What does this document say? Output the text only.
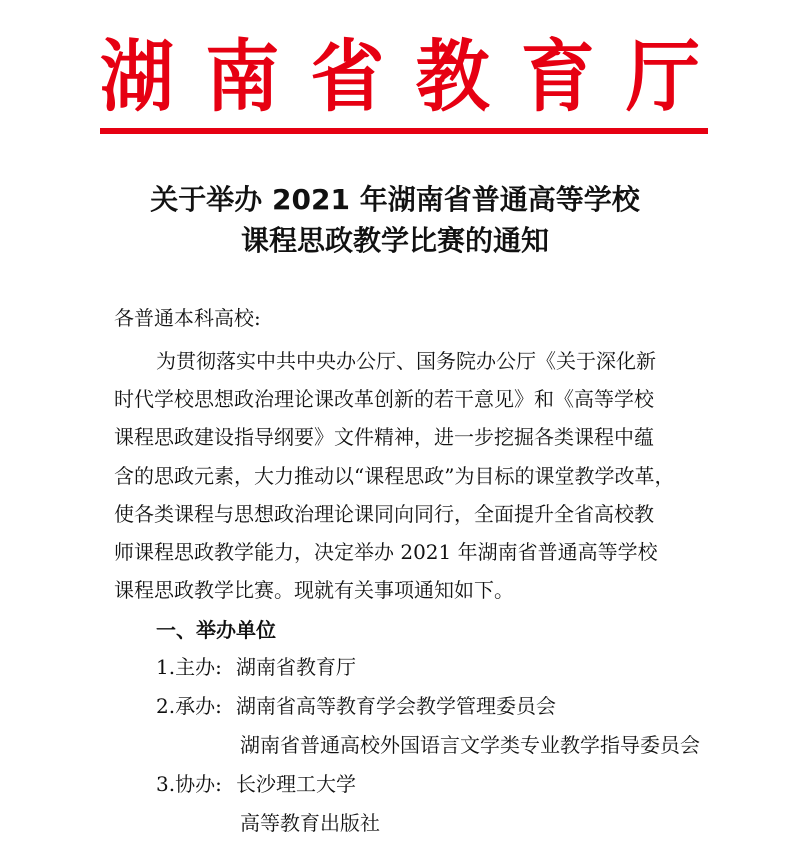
湖 南 省 教 育 厅
关于举办 2021 年湖南省普通高等学校
课程思政教学比赛的通知
各普通本科高校:
为贯彻落实中共中央办公厅、国务院办公厅《关于深化新
时代学校思想政治理论课改革创新的若干意见》和《高等学校
课程思政建设指导纲要》文件精神，进一步挖掘各类课程中蕴
含的思政元素，大力推动以“课程思政”为目标的课堂教学改革，
使各类课程与思想政治理论课同向同行，全面提升全省高校教
师课程思政教学能力，决定举办 2021 年湖南省普通高等学校
课程思政教学比赛。现就有关事项通知如下。
一、举办单位
1.主办: 湖南省教育厅
2.承办: 湖南省高等教育学会教学管理委员会
湖南省普通高校外国语言文学类专业教学指导委员会
3.协办: 长沙理工大学
高等教育出版社
